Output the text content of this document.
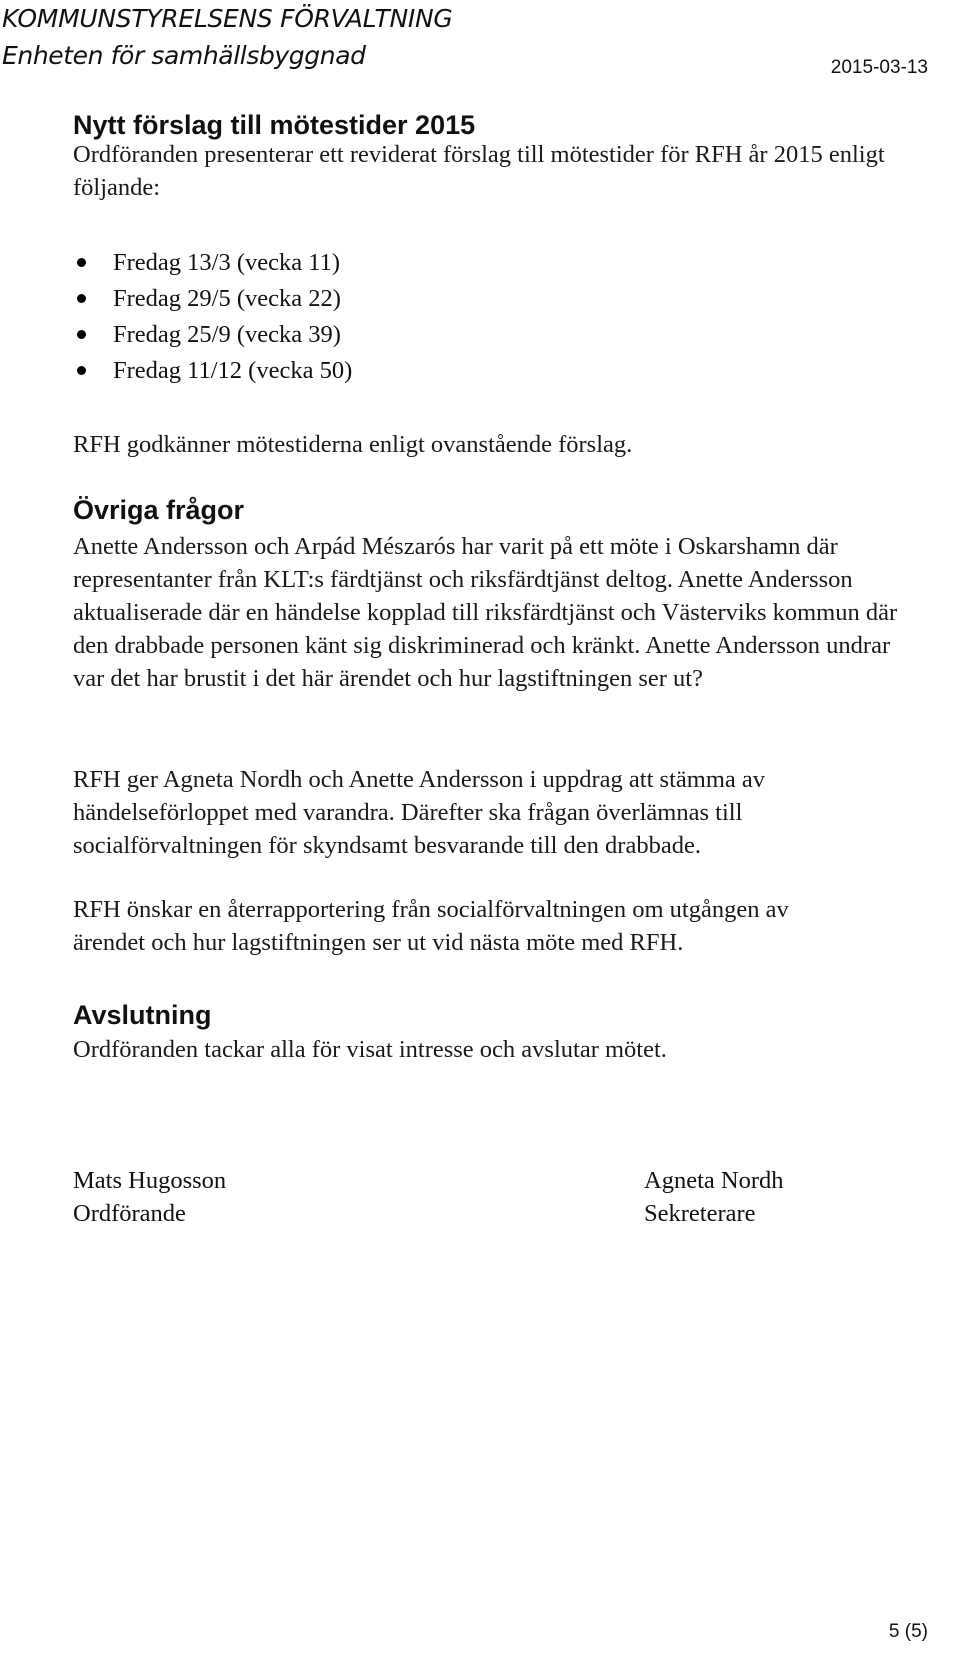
KOMMUNSTYRELSENS FÖRVALTNING
Enheten för samhällsbyggnad	2015-03-13
Nytt förslag till mötestider 2015
Ordföranden presenterar ett reviderat förslag till mötestider för RFH år 2015 enligt följande:
Fredag 13/3 (vecka 11)
Fredag 29/5 (vecka 22)
Fredag 25/9 (vecka 39)
Fredag 11/12 (vecka 50)
RFH godkänner mötestiderna enligt ovanstående förslag.
Övriga frågor
Anette Andersson och Arpád Mészarós har varit på ett möte i Oskarshamn där representanter från KLT:s färdtjänst och riksfärdtjänst deltog. Anette Andersson aktualiserade där en händelse kopplad till riksfärdtjänst och Västerviks kommun där den drabbade personen känt sig diskriminerad och kränkt. Anette Andersson undrar var det har brustit i det här ärendet och hur lagstiftningen ser ut?
RFH ger Agneta Nordh och Anette Andersson i uppdrag att stämma av händelseförloppet med varandra. Därefter ska frågan överlämnas till socialförvaltningen för skyndsamt besvarande till den drabbade.
RFH önskar en återrapportering från socialförvaltningen om utgången av ärendet och hur lagstiftningen ser ut vid nästa möte med RFH.
Avslutning
Ordföranden tackar alla för visat intresse och avslutar mötet.
Mats Hugosson
Ordförande
Agneta Nordh
Sekreterare
5 (5)
